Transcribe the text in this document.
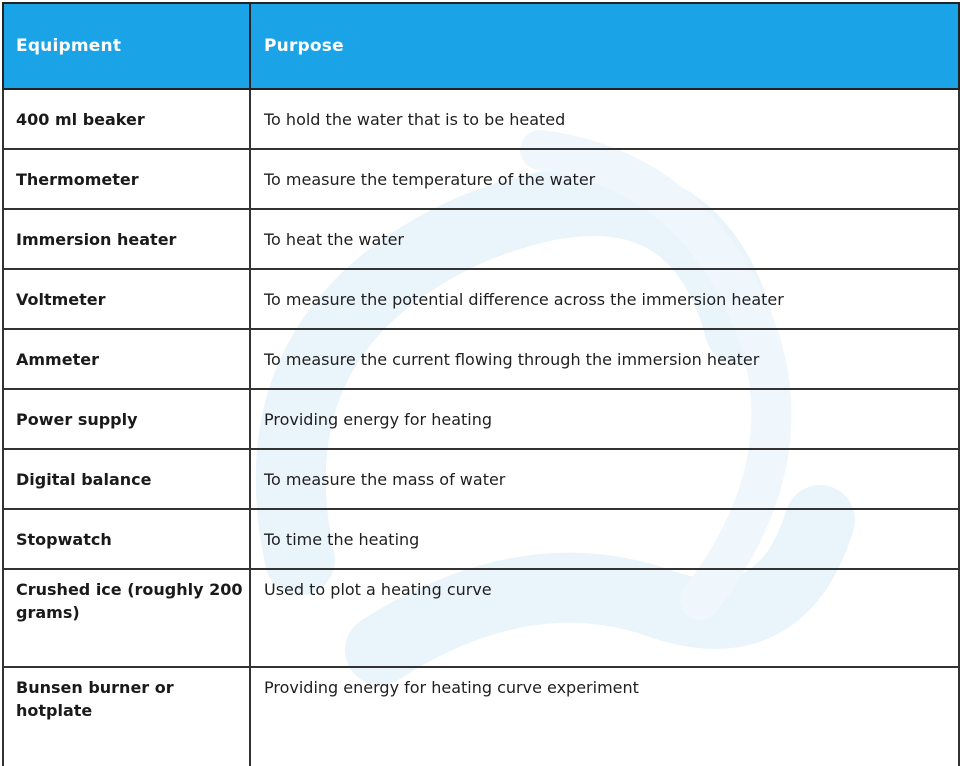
Equipment	Purpose
400 ml beaker	To hold the water that is to be heated
Thermometer	To measure the temperature of the water
Immersion heater	To heat the water
Voltmeter	To measure the potential difference across the immersion heater
Ammeter	To measure the current flowing through the immersion heater
Power supply	Providing energy for heating
Digital balance	To measure the mass of water
Stopwatch	To time the heating
Crushed ice (roughly 200 grams)	Used to plot a heating curve
Bunsen burner or hotplate	Providing energy for heating curve experiment
